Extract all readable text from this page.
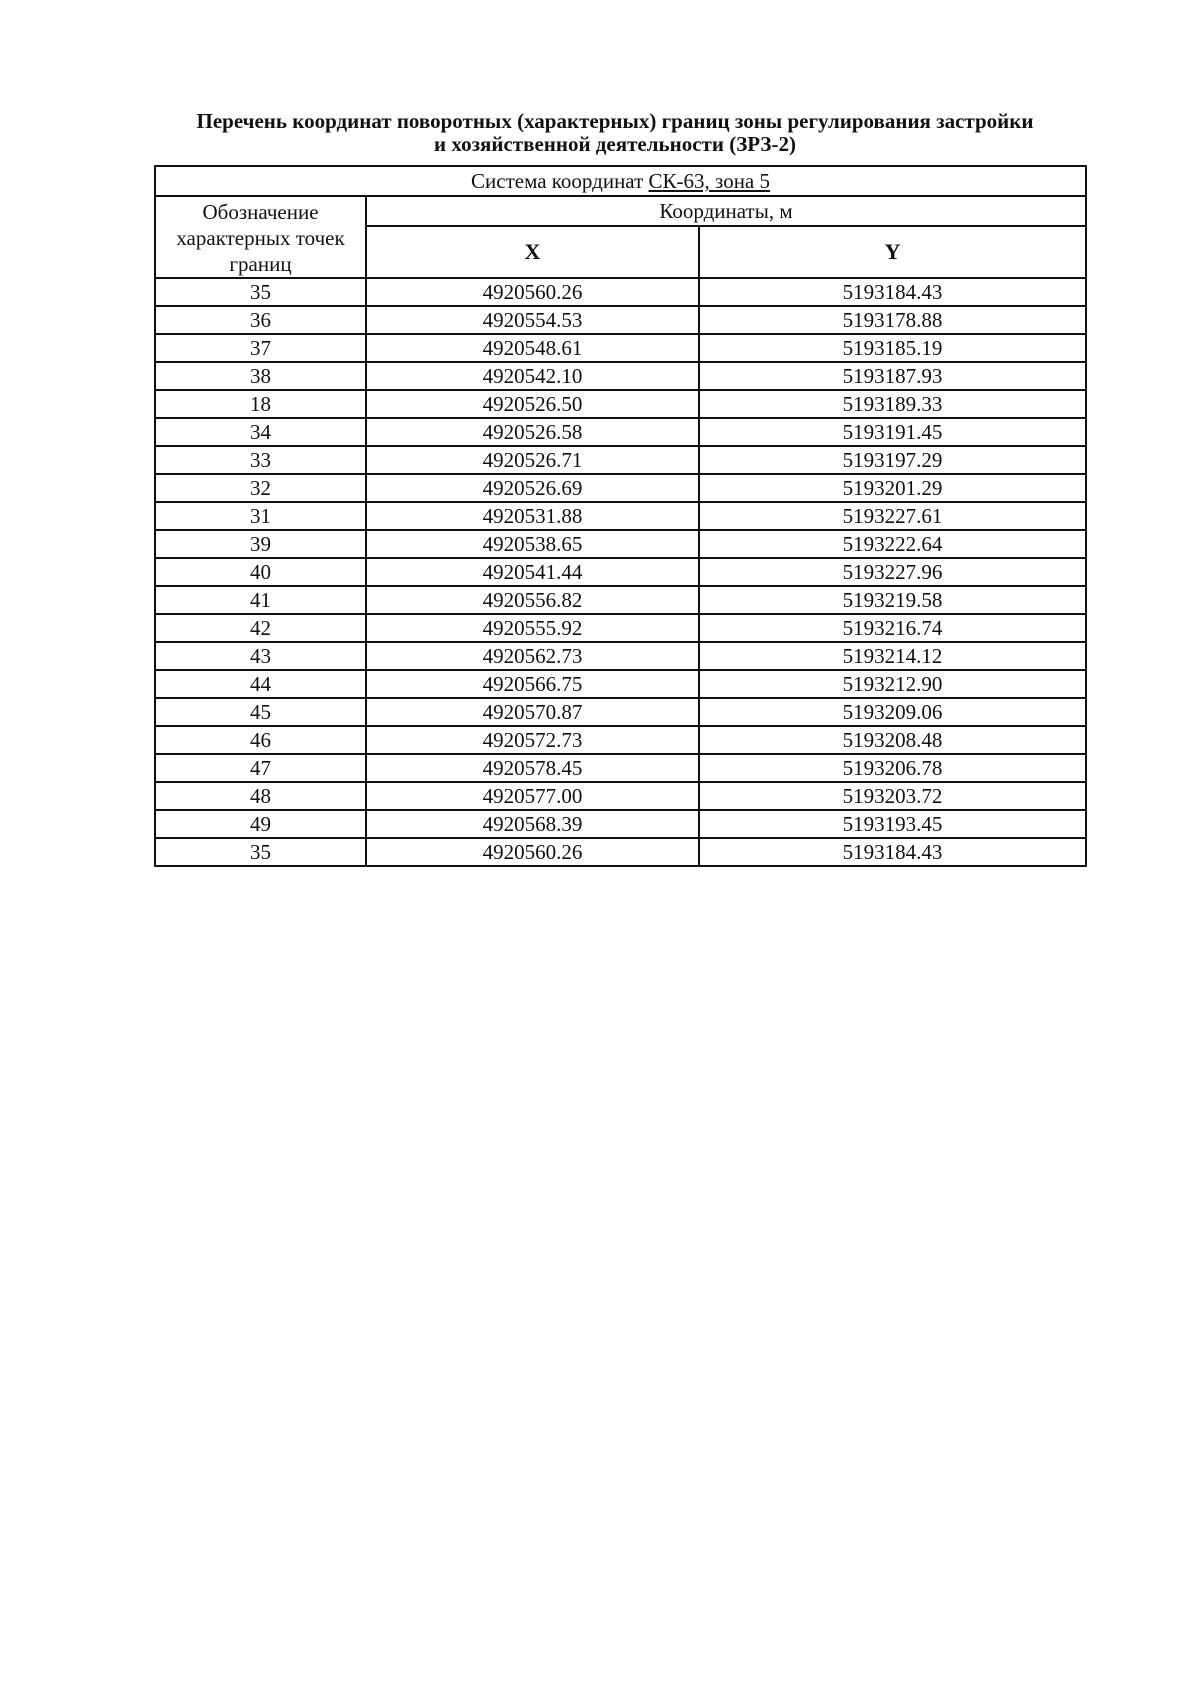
Перечень координат поворотных (характерных) границ зоны регулирования застройки
и хозяйственной деятельности (ЗРЗ-2)
Система координат СК-63, зона 5		
Обозначение характерных точек границ	Координаты, м	
	X	Y
35	4920560.26	5193184.43
36	4920554.53	5193178.88
37	4920548.61	5193185.19
38	4920542.10	5193187.93
18	4920526.50	5193189.33
34	4920526.58	5193191.45
33	4920526.71	5193197.29
32	4920526.69	5193201.29
31	4920531.88	5193227.61
39	4920538.65	5193222.64
40	4920541.44	5193227.96
41	4920556.82	5193219.58
42	4920555.92	5193216.74
43	4920562.73	5193214.12
44	4920566.75	5193212.90
45	4920570.87	5193209.06
46	4920572.73	5193208.48
47	4920578.45	5193206.78
48	4920577.00	5193203.72
49	4920568.39	5193193.45
35	4920560.26	5193184.43
